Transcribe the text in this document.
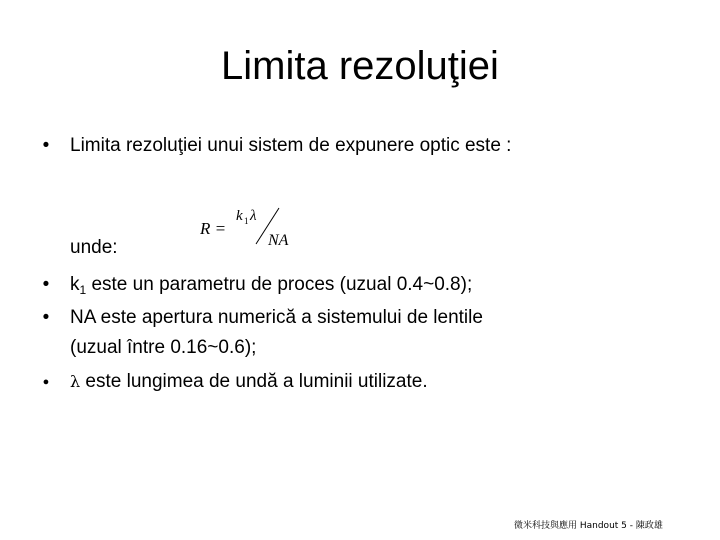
Limita rezoluţiei
• Limita rezoluţiei unui sistem de expunere optic este :
R =
k 1 λ
NA
unde:
• $k_1$ este un parametru de proces (uzual 0.4~0.8);
• NA este apertura numerică a sistemului de lentile
(uzual între 0.16~0.6);
● λ este lungimea de undă a luminii utilizate.
微米科技與應用 Handout 5 - 陳政雄
